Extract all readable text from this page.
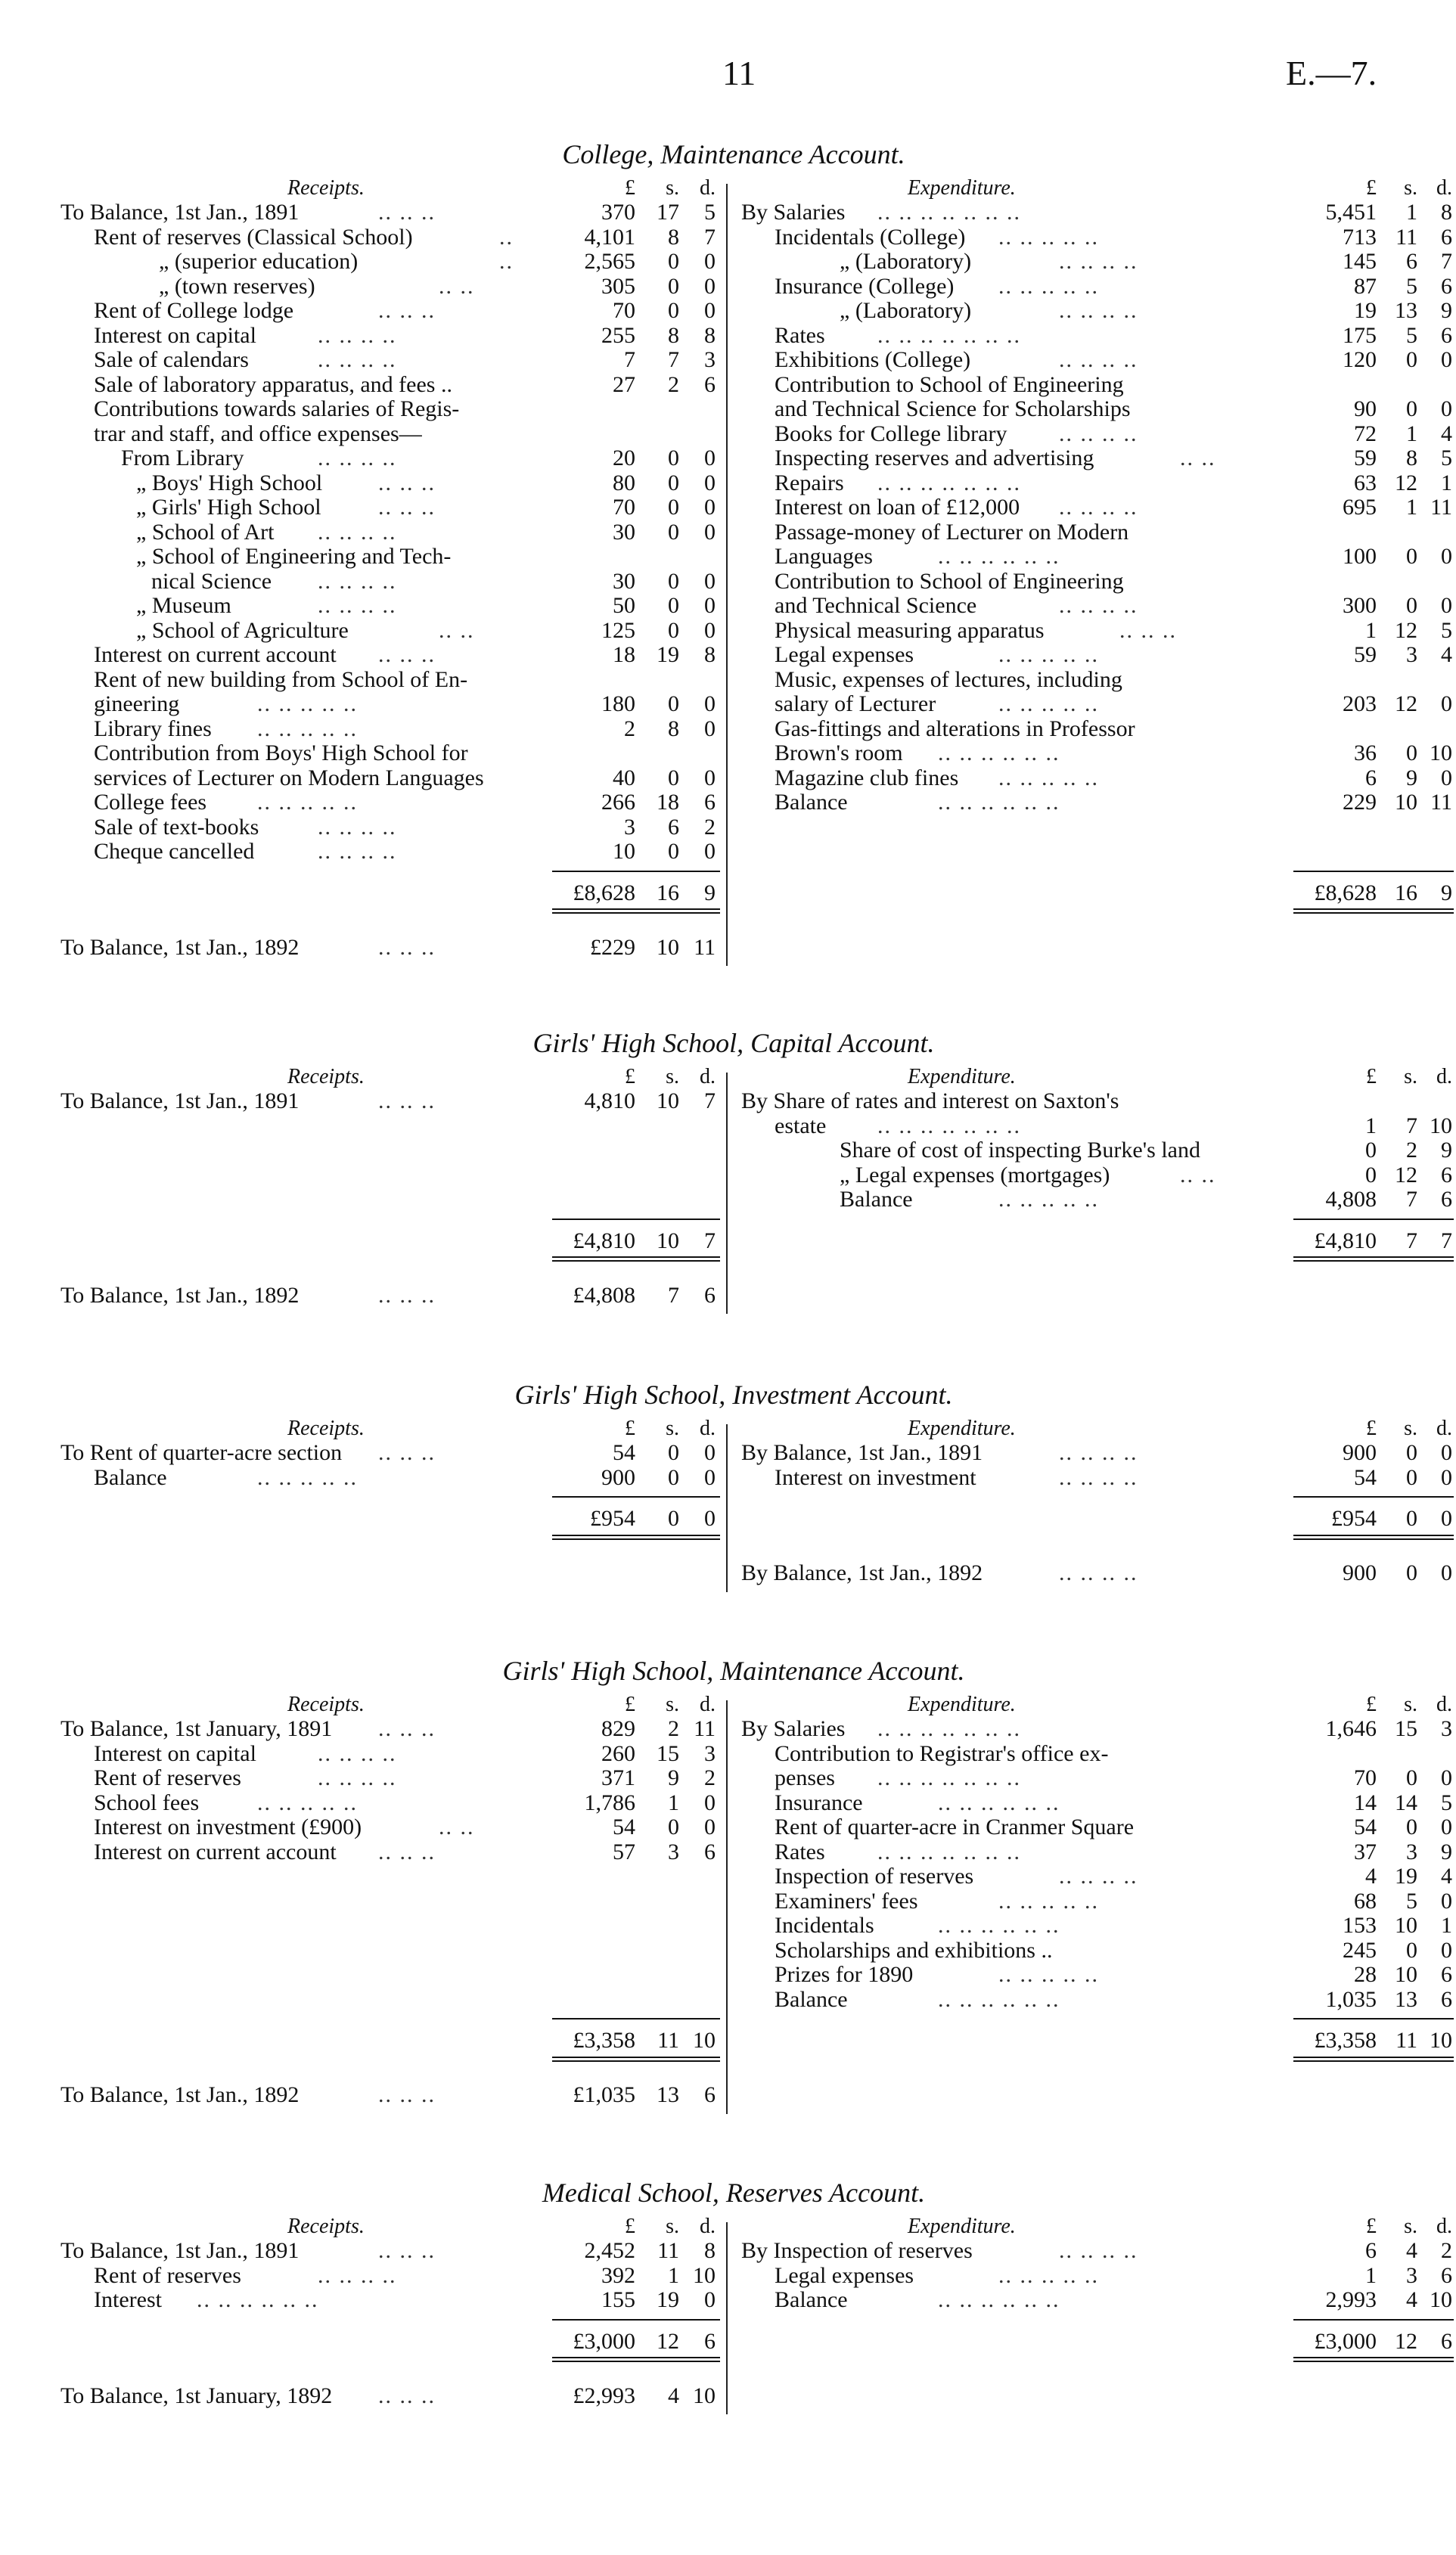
11	E.—7.
College, Maintenance Account.
Receipts.	£	s. d.
To Balance, 1st Jan., 1891	.. .. ..	370 17	5
Rent of reserves (Classical School)	..	4,101	8	7
„ (superior education)	..	2,565	0	0
„ (town reserves)	.. ..	305	0	0
Rent of College lodge	.. .. ..	70	0	0
Interest on capital	.. .. .. ..	255	8	8
Sale of calendars	.. .. .. ..	7	7	3
Sale of laboratory apparatus, and fees ..	27	2	6
Contributions towards salaries of Regis-
trar and staff, and office expenses—
From Library	.. .. .. ..	20	0	0
„ Boys' High School .. .. ..	80	0	0
„ Girls' High School	.. .. ..	70	0	0
„ School of Art .. .. .. ..	30	0	0
„ School of Engineering and Tech-
nical Science .. .. .. ..	30	0	0
„ Museum	.. .. .. ..	50	0	0
„ School of Agriculture	.. ..	125	0	0
Interest on current account .. .. ..	18 19	8
Rent of new building from School of En-
gineering	.. .. .. .. ..	180	0	0
Library fines .. .. .. .. ..	2	8	0
Contribution from Boys' High School for
services of Lecturer on Modern Languages	40	0	0
College fees .. .. .. .. ..	266 18	6
Sale of text-books	.. .. .. ..	3	6	2
Cheque cancelled	.. .. .. ..	10	0	0
£8,628 16	9
To Balance, 1st Jan., 1892	.. .. ..	£229 10 11
Expenditure.	£	s. d.
By Salaries .. .. .. .. .. .. ..	5,451	1	8
Incidentals (College) .. .. .. .. ..	713 11	6
„ (Laboratory)	.. .. .. ..	145	6	7
Insurance (College) .. .. .. .. ..	87	5	6
„ (Laboratory)	.. .. .. ..	19 13	9
Rates .. .. .. .. .. .. ..	175	5	6
Exhibitions (College)	.. .. .. ..	120	0	0
Contribution to School of Engineering
and Technical Science for Scholarships	90	0	0
Books for College library .. .. .. ..	72	1	4
Inspecting reserves and advertising	.. ..	59	8	5
Repairs .. .. .. .. .. .. ..	63 12	1
Interest on loan of £12,000 .. .. .. ..	695	1 11
Passage-money of Lecturer on Modern
Languages	.. .. .. .. .. ..	100	0	0
Contribution to School of Engineering
and Technical Science	.. .. .. ..	300	0	0
Physical measuring apparatus	.. .. ..	1 12	5
Legal expenses	.. .. .. .. ..	59	3	4
Music, expenses of lectures, including
salary of Lecturer	.. .. .. .. ..	203 12	0
Gas-fittings and alterations in Professor
Brown's room .. .. .. .. .. ..	36	0 10
Magazine club fines .. .. .. .. ..	6	9	0
Balance	.. .. .. .. .. ..	229 10 11
£8,628 16	9
Girls' High School, Capital Account.
Receipts.	£	s. d.
To Balance, 1st Jan., 1891	.. .. ..	4,810 10	7
£4,810 10	7
To Balance, 1st Jan., 1892	.. .. ..	£4,808	7	6
Expenditure.	£	s. d.
By Share of rates and interest on Saxton's
estate .. .. .. .. .. .. ..	1	7 10
Share of cost of inspecting Burke's land	0	2	9
„ Legal expenses (mortgages)	.. ..	0 12	6
Balance	.. .. .. .. ..	4,808	7	6
£4,810	7	7
Girls' High School, Investment Account.
Receipts.	£	s. d.
To Rent of quarter-acre section .. .. ..	54	0	0
Balance	.. .. .. .. ..	900	0	0
£954	0	0
Expenditure.	£	s. d.
By Balance, 1st Jan., 1891	.. .. .. ..	900	0	0
Interest on investment	.. .. .. ..	54	0	0
£954	0	0
By Balance, 1st Jan., 1892	.. .. .. ..	900	0	0
Girls' High School, Maintenance Account.
Receipts.	£	s. d.
To Balance, 1st January, 1891 .. .. ..	829	2 11
Interest on capital	.. .. .. ..	260 15	3
Rent of reserves	.. .. .. ..	371	9	2
School fees	.. .. .. .. ..	1,786	1	0
Interest on investment (£900)	.. ..	54	0	0
Interest on current account .. .. ..	57	3	6
£3,358 11 10
To Balance, 1st Jan., 1892	.. .. ..	£1,035 13	6
Expenditure.	£	s. d.
By Salaries .. .. .. .. .. .. ..	1,646 15	3
Contribution to Registrar's office ex-
penses .. .. .. .. .. .. ..	70	0	0
Insurance	.. .. .. .. .. ..	14 14	5
Rent of quarter-acre in Cranmer Square	54	0	0
Rates .. .. .. .. .. .. ..	37	3	9
Inspection of reserves	.. .. .. ..	4 19	4
Examiners' fees	.. .. .. .. ..	68	5	0
Incidentals	.. .. .. .. .. ..	153 10	1
Scholarships and exhibitions ..	245	0	0
Prizes for 1890	.. .. .. .. ..	28 10	6
Balance	.. .. .. .. .. ..	1,035 13	6
£3,358 11 10
Medical School, Reserves Account.
Receipts.	£	s. d.
To Balance, 1st Jan., 1891	.. .. ..	2,452 11	8
Rent of reserves	.. .. .. ..	392	1 10
Interest .. .. .. .. .. ..	155 19	0
£3,000 12	6
To Balance, 1st January, 1892 .. .. ..	£2,993	4 10
Expenditure.	£	s. d.
By Inspection of reserves	.. .. .. ..	6	4	2
Legal expenses	.. .. .. .. ..	1	3	6
Balance	.. .. .. .. .. ..	2,993	4 10
£3,000 12	6
